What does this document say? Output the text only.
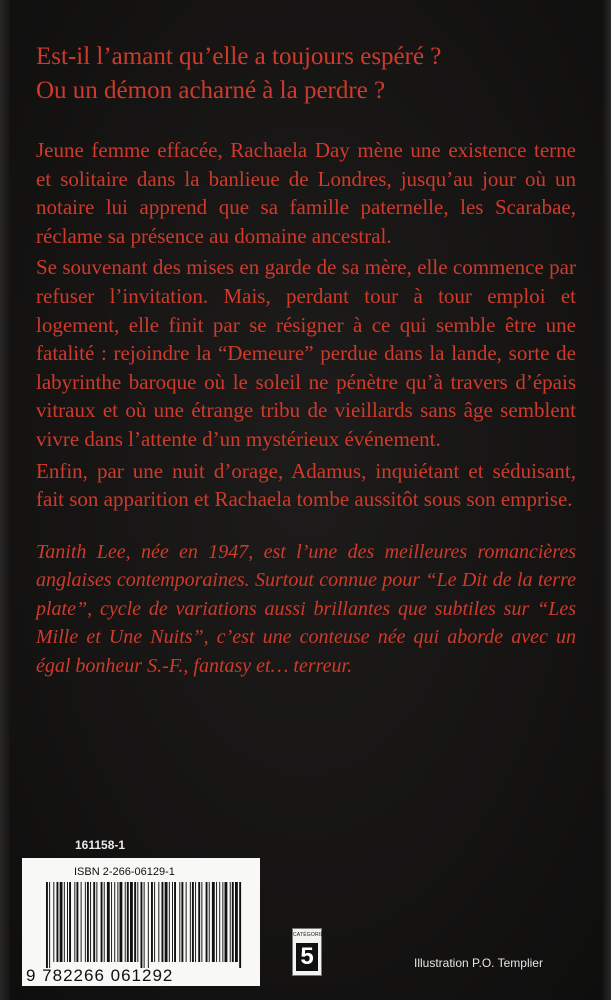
Est-il l’amant qu’elle a toujours espéré ?
Ou un démon acharné à la perdre ?

Jeune femme effacée, Rachaela Day mène une existence terne et solitaire dans la banlieue de Londres, jusqu’au jour où un notaire lui apprend que sa famille paternelle, les Scarabae, réclame sa présence au domaine ancestral.

Se souvenant des mises en garde de sa mère, elle commence par refuser l’invitation. Mais, perdant tour à tour emploi et logement, elle finit par se résigner à ce qui semble être une fatalité : rejoindre la “Demeure” perdue dans la lande, sorte de labyrinthe baroque où le soleil ne pénètre qu’à travers d’épais vitraux et où une étrange tribu de vieillards sans âge semblent vivre dans l’attente d’un mystérieux événement.

Enfin, par une nuit d’orage, Adamus, inquiétant et séduisant, fait son apparition et Rachaela tombe aussitôt sous son emprise.

Tanith Lee, née en 1947, est l’une des meilleures romancières anglaises contemporaines. Surtout connue pour “Le Dit de la terre plate”, cycle de variations aussi brillantes que subtiles sur “Les Mille et Une Nuits”, c’est une conteuse née qui aborde avec un égal bonheur S.-F., fantasy et… terreur.

161158-1

ISBN 2-266-06129-1

9 782266 061292

CATÉGORIE

5	Illustration P.O. Templier
